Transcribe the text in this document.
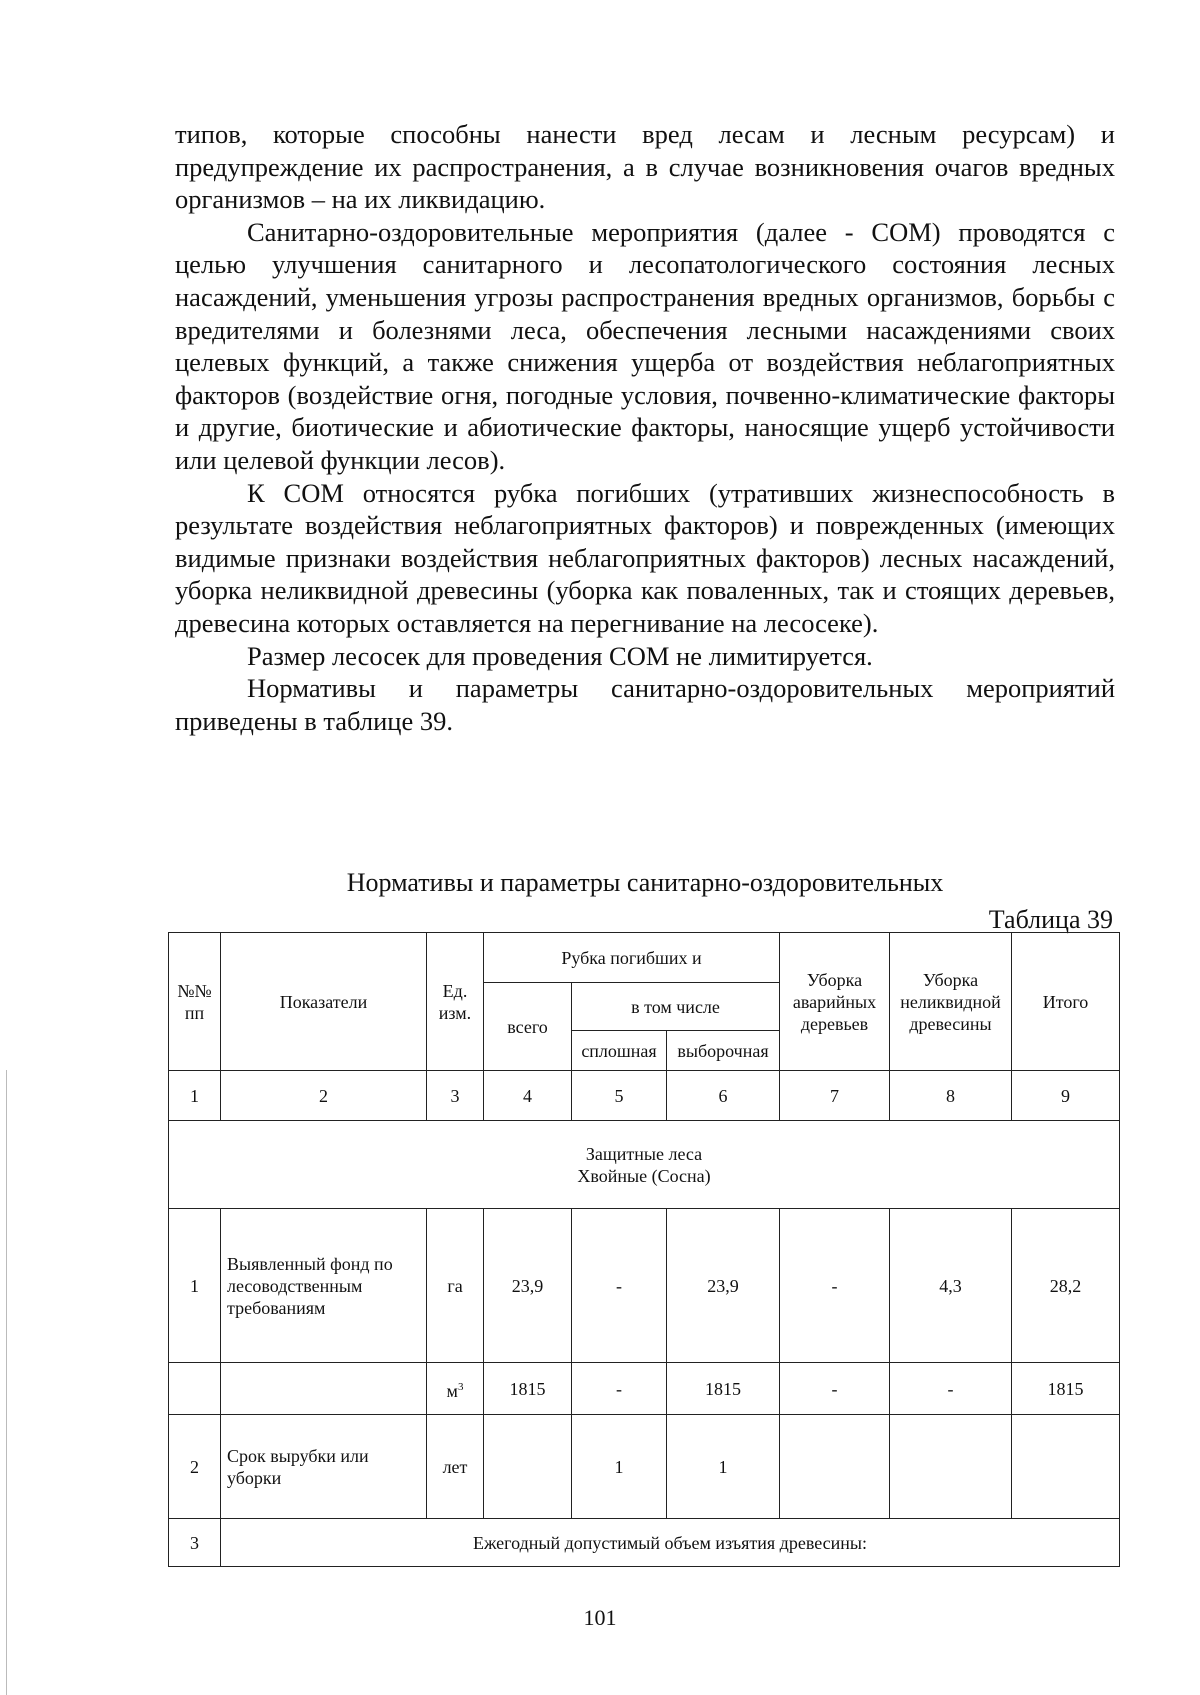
типов, которые способны нанести вред лесам и лесным ресурсам) и предупреждение их распространения, а в случае возникновения очагов вредных организмов – на их ликвидацию.

Санитарно-оздоровительные мероприятия (далее - СОМ) проводятся с целью улучшения санитарного и лесопатологического состояния лесных насаждений, уменьшения угрозы распространения вредных организмов, борьбы с вредителями и болезнями леса, обеспечения лесными насаждениями своих целевых функций, а также снижения ущерба от воздействия неблагоприятных факторов (воздействие огня, погодные условия, почвенно-климатические факторы и другие, биотические и абиотические факторы, наносящие ущерб устойчивости или целевой функции лесов).

К СОМ относятся рубка погибших (утративших жизнеспособность в результате воздействия неблагоприятных факторов) и поврежденных (имеющих видимые признаки воздействия неблагоприятных факторов) лесных насаждений, уборка неликвидной древесины (уборка как поваленных, так и стоящих деревьев, древесина которых оставляется на перегнивание на лесосеке).

Размер лесосек для проведения СОМ не лимитируется.

Нормативы и параметры санитарно-оздоровительных мероприятий приведены в таблице 39.

Нормативы и параметры санитарно-оздоровительных
Таблица 39
№№ пп	Показатели	Ед. изм.	Рубка погибших и			Уборка аварийных деревьев	Уборка неликвидной древесины	Итого
			всего	в том числе				
				сплошная	выборочная			
1	2	3	4	5	6	7	8	9

Защитные леса
Хвойные (Сосна)								

1	Выявленный фонд по лесоводственным требованиям	га	23,9	-	23,9	-	4,3	28,2
		$м^3$	1815	-	1815	-	-	1815
2	Срок вырубки или уборки	лет		1	1			
3	Ежегодный допустимый объем изъятия древесины:							
101
